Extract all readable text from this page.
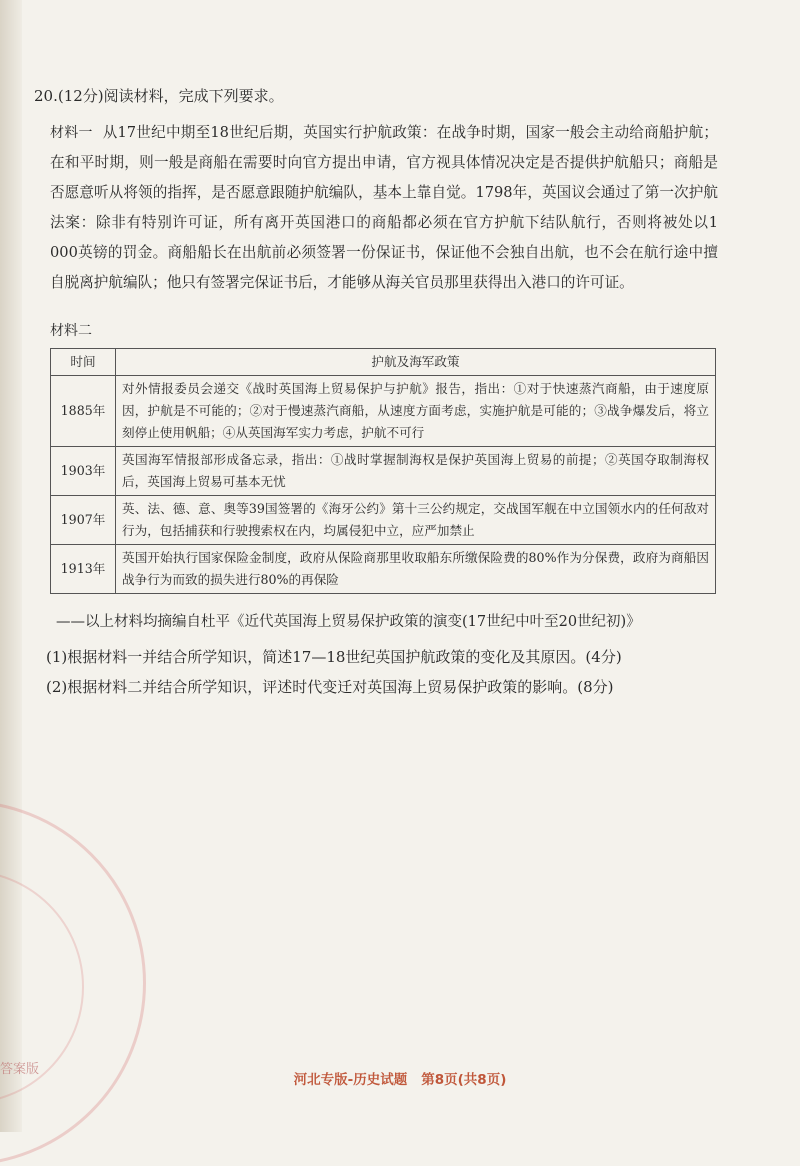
答案版
20.(12分)阅读材料，完成下列要求。

材料一 从17世纪中期至18世纪后期，英国实行护航政策：在战争时期，国家一般会主动给商船护航；在和平时期，则一般是商船在需要时向官方提出申请，官方视具体情况决定是否提供护航船只；商船是否愿意听从将领的指挥，是否愿意跟随护航编队，基本上靠自觉。1798年，英国议会通过了第一次护航法案：除非有特别许可证，所有离开英国港口的商船都必须在官方护航下结队航行，否则将被处以1 000英镑的罚金。商船船长在出航前必须签署一份保证书，保证他不会独自出航，也不会在航行途中擅自脱离护航编队；他只有签署完保证书后，才能够从海关官员那里获得出入港口的许可证。

材料二
时间	护航及海军政策
1885年	对外情报委员会递交《战时英国海上贸易保护与护航》报告，指出：①对于快速蒸汽商船，由于速度原因，护航是不可能的；②对于慢速蒸汽商船，从速度方面考虑，实施护航是可能的；③战争爆发后，将立刻停止使用帆船；④从英国海军实力考虑，护航不可行
1903年	英国海军情报部形成备忘录，指出：①战时掌握制海权是保护英国海上贸易的前提；②英国夺取制海权后，英国海上贸易可基本无忧
1907年	英、法、德、意、奥等39国签署的《海牙公约》第十三公约规定，交战国军舰在中立国领水内的任何敌对行为，包括捕获和行驶搜索权在内，均属侵犯中立，应严加禁止
1913年	英国开始执行国家保险金制度，政府从保险商那里收取船东所缴保险费的80%作为分保费，政府为商船因战争行为而致的损失进行80%的再保险
——以上材料均摘编自杜平《近代英国海上贸易保护政策的演变(17世纪中叶至20世纪初)》
(1)根据材料一并结合所学知识，简述17—18世纪英国护航政策的变化及其原因。(4分)
(2)根据材料二并结合所学知识，评述时代变迁对英国海上贸易保护政策的影响。(8分)
河北专版-历史试题 第8页(共8页)
